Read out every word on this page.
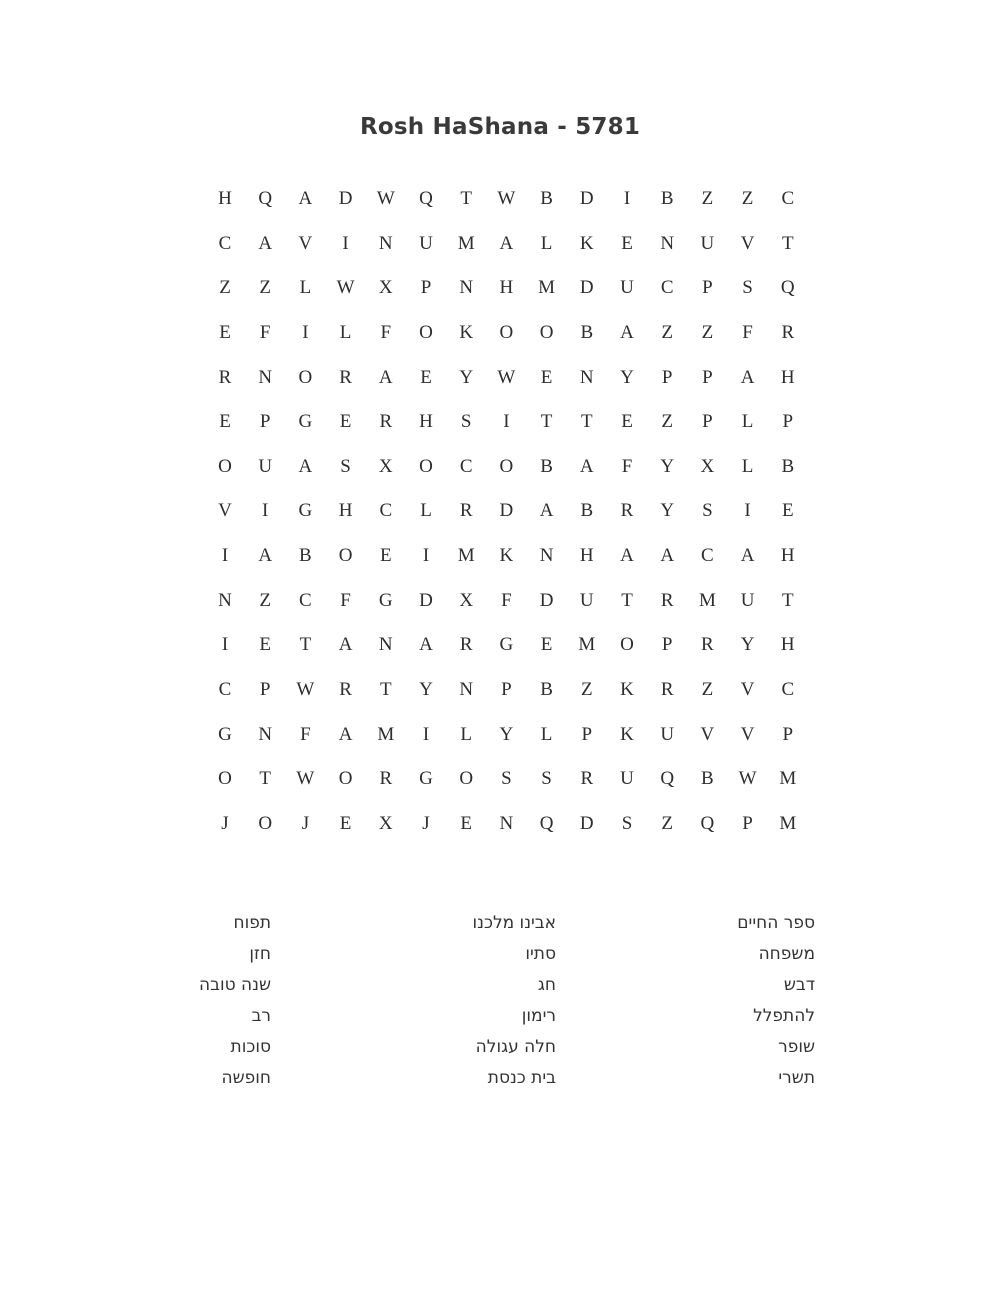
Rosh HaShana - 5781
H	Q	A	D	W	Q	T	W	B	D	I	B	Z	Z	C
C	A	V	I	N	U	M	A	L	K	E	N	U	V	T
Z	Z	L	W	X	P	N	H	M	D	U	C	P	S	Q
E	F	I	L	F	O	K	O	O	B	A	Z	Z	F	R
R	N	O	R	A	E	Y	W	E	N	Y	P	P	A	H
E	P	G	E	R	H	S	I	T	T	E	Z	P	L	P
O	U	A	S	X	O	C	O	B	A	F	Y	X	L	B
V	I	G	H	C	L	R	D	A	B	R	Y	S	I	E
I	A	B	O	E	I	M	K	N	H	A	A	C	A	H
N	Z	C	F	G	D	X	F	D	U	T	R	M	U	T
I	E	T	A	N	A	R	G	E	M	O	P	R	Y	H
C	P	W	R	T	Y	N	P	B	Z	K	R	Z	V	C
G	N	F	A	M	I	L	Y	L	P	K	U	V	V	P
O	T	W	O	R	G	O	S	S	R	U	Q	B	W	M
J	O	J	E	X	J	E	N	Q	D	S	Z	Q	P	M
ספר החיים
משפחה
דבש
להתפלל
שופר
תשרי
אבינו מלכנו
סתיו
חג
רימון
חלה עגולה
בית כנסת
תפוח
חזן
שנה טובה
רב
סוכות
חופשה
